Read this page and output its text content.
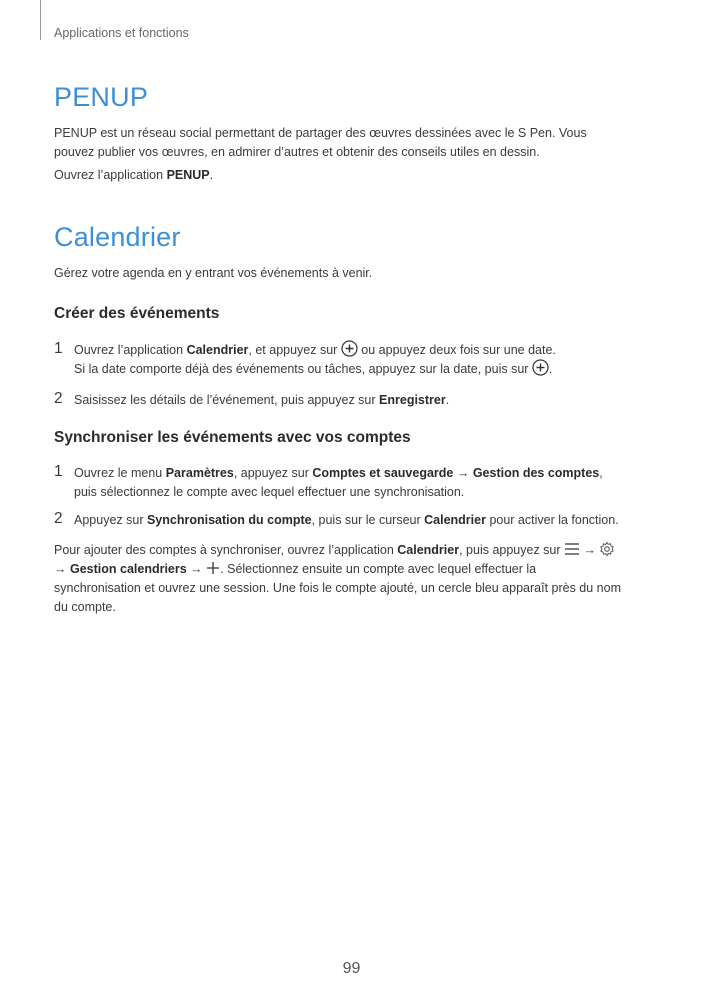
Applications et fonctions
PENUP

PENUP est un réseau social permettant de partager des œuvres dessinées avec le S Pen. Vous pouvez publier vos œuvres, en admirer d’autres et obtenir des conseils utiles en dessin.

Ouvrez l’application PENUP.

Calendrier

Gérez votre agenda en y entrant vos événements à venir.

Créer des événements
1 Ouvrez l’application Calendrier, et appuyez sur  ou appuyez deux fois sur une date.
Si la date comporte déjà des événements ou tâches, appuyez sur la date, puis sur .
2 Saisissez les détails de l’événement, puis appuyez sur Enregistrer.
Synchroniser les événements avec vos comptes
1 Ouvrez le menu Paramètres, appuyez sur Comptes et sauvegarde → Gestion des comptes, puis sélectionnez le compte avec lequel effectuer une synchronisation.
2 Appuyez sur Synchronisation du compte, puis sur le curseur Calendrier pour activer la fonction.

Pour ajouter des comptes à synchroniser, ouvrez l’application Calendrier, puis appuyez sur  →  → Gestion calendriers → . Sélectionnez ensuite un compte avec lequel effectuer la synchronisation et ouvrez une session. Une fois le compte ajouté, un cercle bleu apparaît près du nom du compte.

99
